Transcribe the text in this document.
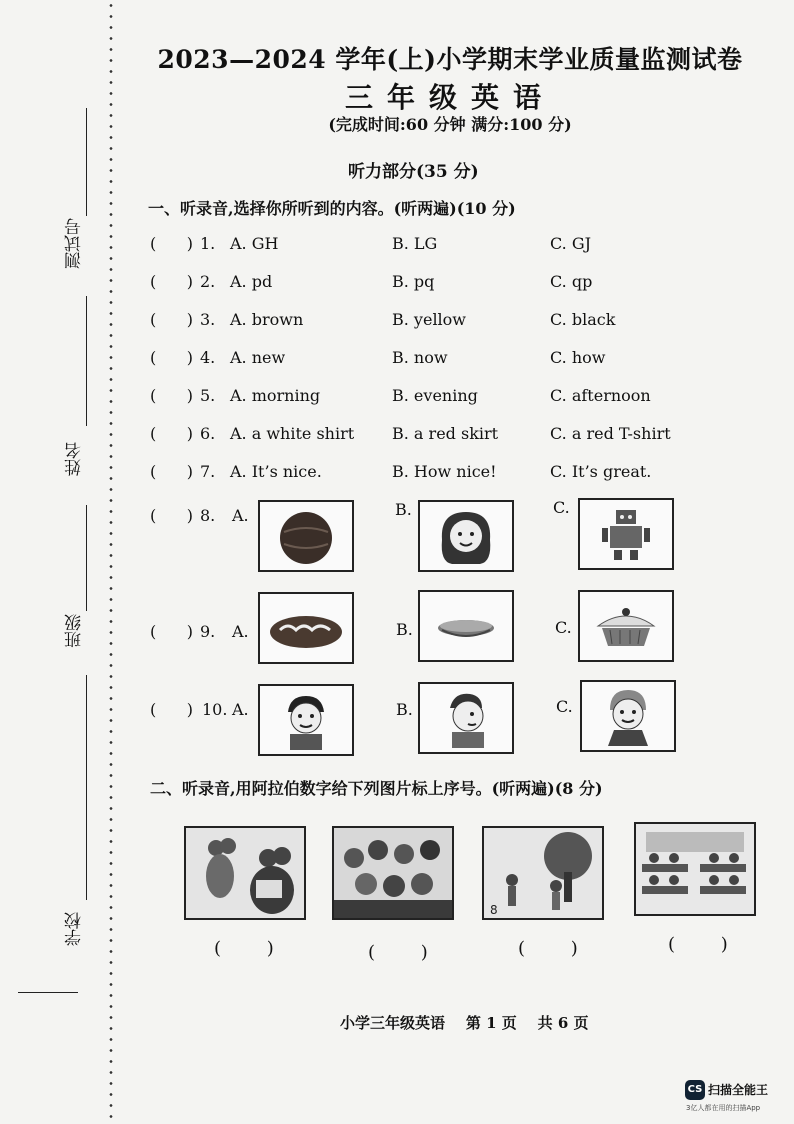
测试号
姓名
班级
学校
2023—2024 学年(上)小学期末学业质量监测试卷
三年级英语
(完成时间:60 分钟 满分:100 分)
听力部分(35 分)
一、听录音,选择你所听到的内容。(听两遍)(10 分)
(      ) 1. A. GH	B. LG	C. GJ
(      ) 2. A. pd	B. pq	C. qp
(      ) 3. A. brown	B. yellow	C. black
(      ) 4. A. new	B. now	C. how
(      ) 5. A. morning	B. evening	C. afternoon
(      ) 6. A. a white shirt B. a red skirt	C. a red T-shirt
(      ) 7. A. It’s nice.	B. How nice!	C. It’s great.
(      ) 8. A.	B.	C.
(      ) 9. A.	B.	C.
(      ) 10. A.	B.	C.
二、听录音,用阿拉伯数字给下列图片标上序号。(听两遍)(8 分)
8
( )	( )	( )	( )
小学三年级英语    第 1 页    共 6 页
CS 扫描全能王
3亿人都在用的扫描App
